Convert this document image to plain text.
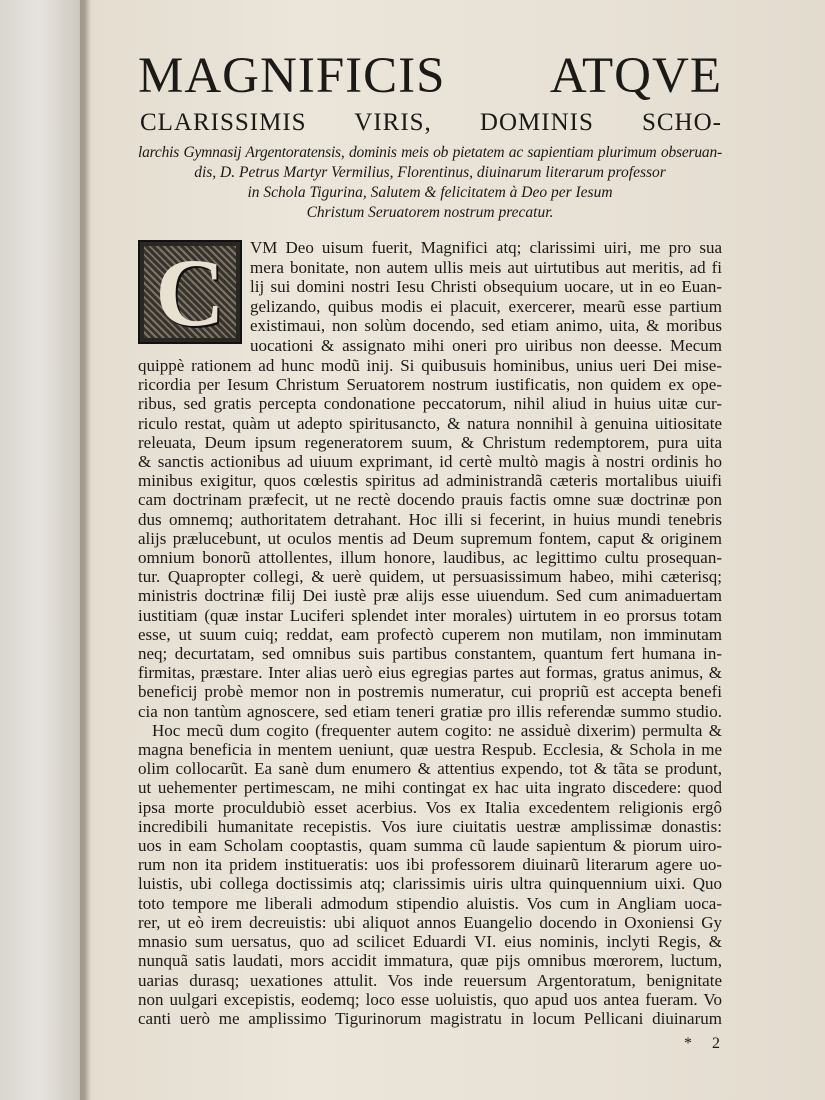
MAGNIFICIS ATQVE
CLARISSIMIS VIRIS, DOMINIS SCHO-
larchis Gymnasij Argentoratensis, dominis meis ob pietatem ac sapientiam plurimum obseruan-
dis, D. Petrus Martyr Vermilius, Florentinus, diuinarum literarum professor
in Schola Tigurina, Salutem & felicitatem à Deo per Iesum
Christum Seruatorem nostrum precatur.
C	VM Deo uisum fuerit, Magnifici atq; clarissimi uiri, me pro sua
mera bonitate, non autem ullis meis aut uirtutibus aut meritis, ad fi
lij sui domini nostri Iesu Christi obsequium uocare, ut in eo Euan-
gelizando, quibus modis ei placuit, exercerer, mearũ esse partium
existimaui, non solùm docendo, sed etiam animo, uita, & moribus
uocationi & assignato mihi oneri pro uiribus non deesse. Mecum
quippè rationem ad hunc modũ inij. Si quibusuis hominibus, unius ueri Dei mise-
ricordia per Iesum Christum Seruatorem nostrum iustificatis, non quidem ex ope-
ribus, sed gratis percepta condonatione peccatorum, nihil aliud in huius uitæ cur-
riculo restat, quàm ut adepto spiritusancto, & natura nonnihil à genuina uitiositate
releuata, Deum ipsum regeneratorem suum, & Christum redemptorem, pura uita
& sanctis actionibus ad uiuum exprimant, id certè multò magis à nostri ordinis ho
minibus exigitur, quos cœlestis spiritus ad administrandã cæteris mortalibus uiuifi
cam doctrinam præfecit, ut ne rectè docendo prauis factis omne suæ doctrinæ pon
dus omnemq; authoritatem detrahant. Hoc illi si fecerint, in huius mundi tenebris
alijs prælucebunt, ut oculos mentis ad Deum supremum fontem, caput & originem
omnium bonorũ attollentes, illum honore, laudibus, ac legittimo cultu prosequan-
tur. Quapropter collegi, & uerè quidem, ut persuasissimum habeo, mihi cæterisq;
ministris doctrinæ filij Dei iustè præ alijs esse uiuendum. Sed cum animaduertam
iustitiam (quæ instar Luciferi splendet inter morales) uirtutem in eo prorsus totam
esse, ut suum cuiq; reddat, eam profectò cuperem non mutilam, non imminutam
neq; decurtatam, sed omnibus suis partibus constantem, quantum fert humana in-
firmitas, præstare. Inter alias uerò eius egregias partes aut formas, gratus animus, &
beneficij probè memor non in postremis numeratur, cui propriũ est accepta benefi
cia non tantùm agnoscere, sed etiam teneri gratiæ pro illis referendæ summo studio.
Hoc mecũ dum cogito (frequenter autem cogito: ne assiduè dixerim) permulta &
magna beneficia in mentem ueniunt, quæ uestra Respub. Ecclesia, & Schola in me
olim collocarũt. Ea sanè dum enumero & attentius expendo, tot & tãta se produnt,
ut uehementer pertimescam, ne mihi contingat ex hac uita ingrato discedere: quod
ipsa morte proculdubiò esset acerbius. Vos ex Italia excedentem religionis ergô
incredibili humanitate recepistis. Vos iure ciuitatis uestræ amplissimæ donastis:
uos in eam Scholam cooptastis, quam summa cũ laude sapientum & piorum uiro-
rum non ita pridem institueratis: uos ibi professorem diuinarũ literarum agere uo-
luistis, ubi collega doctissimis atq; clarissimis uiris ultra quinquennium uixi. Quo
toto tempore me liberali admodum stipendio aluistis. Vos cum in Angliam uoca-
rer, ut eò irem decreuistis: ubi aliquot annos Euangelio docendo in Oxoniensi Gy
mnasio sum uersatus, quo ad scilicet Eduardi VI. eius nominis, inclyti Regis, &
nunquã satis laudati, mors accidit immatura, quæ pijs omnibus mœrorem, luctum,
uarias durasq; uexationes attulit. Vos inde reuersum Argentoratum, benignitate
non uulgari excepistis, eodemq; loco esse uoluistis, quo apud uos antea fueram. Vo
canti uerò me amplissimo Tigurinorum magistratu in locum Pellicani diuinarum
* 2
